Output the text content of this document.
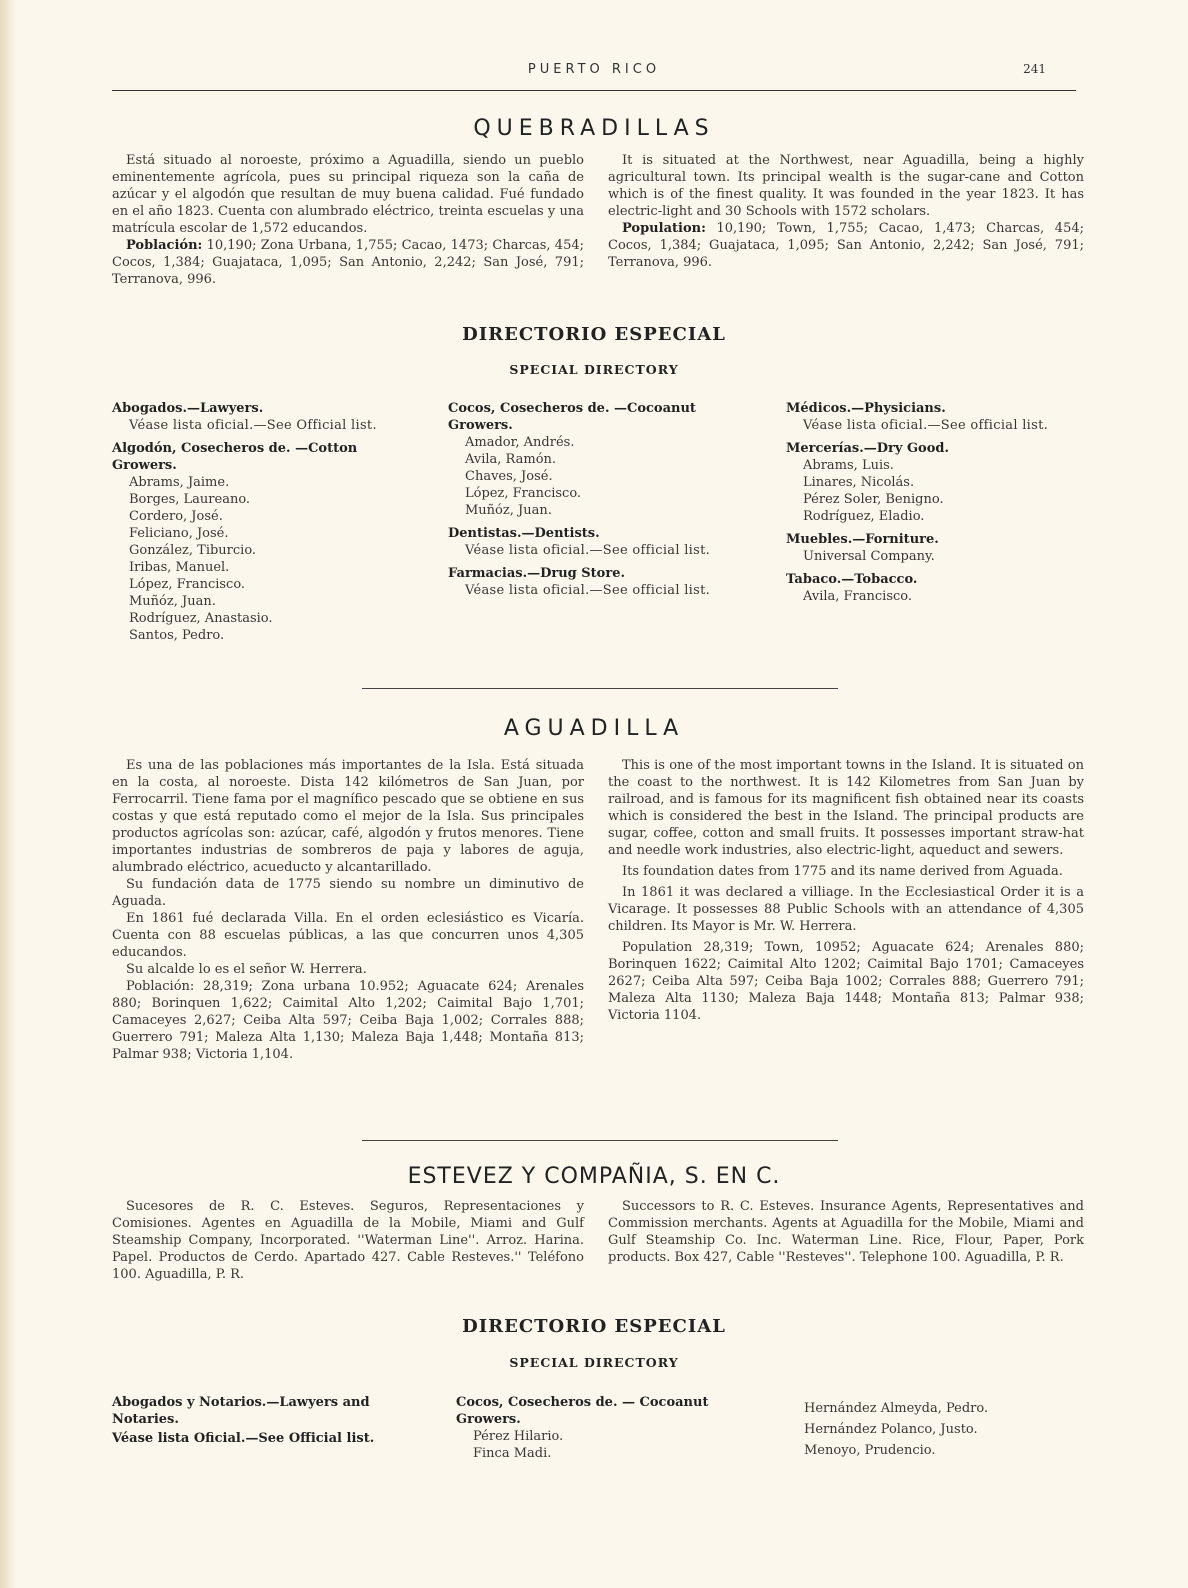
PUERTO RICO	241
QUEBRADILLAS

Está situado al noroeste, próximo a Aguadilla, siendo un pueblo eminentemente agrícola, pues su principal riqueza son la caña de azúcar y el algodón que resultan de muy buena calidad. Fué fundado en el año 1823. Cuenta con alumbrado eléctrico, treinta escuelas y una matrícula escolar de 1,572 educandos.

Población: 10,190; Zona Urbana, 1,755; Cacao, 1473; Charcas, 454; Cocos, 1,384; Guajataca, 1,095; San Antonio, 2,242; San José, 791; Terranova, 996.

It is situated at the Northwest, near Aguadilla, being a highly agricultural town. Its principal wealth is the sugar-cane and Cotton which is of the finest quality. It was founded in the year 1823. It has electric-light and 30 Schools with 1572 scholars.

Population: 10,190; Town, 1,755; Cacao, 1,473; Charcas, 454; Cocos, 1,384; Guajataca, 1,095; San Antonio, 2,242; San José, 791; Terranova, 996.

DIRECTORIO ESPECIAL
SPECIAL DIRECTORY
Abogados.—Lawyers.
Véase lista oficial.—See Official list.
Algodón, Cosecheros de. —Cotton Growers.
Abrams, Jaime.
Borges, Laureano.
Cordero, José.
Feliciano, José.
González, Tiburcio.
Iribas, Manuel.
López, Francisco.
Muñóz, Juan.
Rodríguez, Anastasio.
Santos, Pedro.
Cocos, Cosecheros de. —Cocoanut Growers.
Amador, Andrés.
Avila, Ramón.
Chaves, José.
López, Francisco.
Muñóz, Juan.
Dentistas.—Dentists.
Véase lista oficial.—See official list.
Farmacias.—Drug Store.
Véase lista oficial.—See official list.
Médicos.—Physicians.
Véase lista oficial.—See official list.
Mercerías.—Dry Good.
Abrams, Luis.
Linares, Nicolás.
Pérez Soler, Benigno.
Rodríguez, Eladio.
Muebles.—Forniture.
Universal Company.
Tabaco.—Tobacco.
Avila, Francisco.
AGUADILLA

Es una de las poblaciones más importantes de la Isla. Está situada en la costa, al noroeste. Dista 142 kilómetros de San Juan, por Ferrocarril. Tiene fama por el magnífico pescado que se obtiene en sus costas y que está reputado como el mejor de la Isla. Sus principales productos agrícolas son: azúcar, café, algodón y frutos menores. Tiene importantes industrias de sombreros de paja y labores de aguja, alumbrado eléctrico, acueducto y alcantarillado.

Su fundación data de 1775 siendo su nombre un diminutivo de Aguada.

En 1861 fué declarada Villa. En el orden eclesiástico es Vicaría. Cuenta con 88 escuelas públicas, a las que concurren unos 4,305 educandos.

Su alcalde lo es el señor W. Herrera.

Población: 28,319; Zona urbana 10.952; Aguacate 624; Arenales 880; Borinquen 1,622; Caimital Alto 1,202; Caimital Bajo 1,701; Camaceyes 2,627; Ceiba Alta 597; Ceiba Baja 1,002; Corrales 888; Guerrero 791; Maleza Alta 1,130; Maleza Baja 1,448; Montaña 813; Palmar 938; Victoria 1,104.

This is one of the most important towns in the Island. It is situated on the coast to the northwest. It is 142 Kilometres from San Juan by railroad, and is famous for its magnificent fish obtained near its coasts which is considered the best in the Island. The principal products are sugar, coffee, cotton and small fruits. It possesses important straw-hat and needle work industries, also electric-light, aqueduct and sewers.

Its foundation dates from 1775 and its name derived from Aguada.

In 1861 it was declared a villiage. In the Ecclesiastical Order it is a Vicarage. It possesses 88 Public Schools with an attendance of 4,305 children. Its Mayor is Mr. W. Herrera.

Population 28,319; Town, 10952; Aguacate 624; Arenales 880; Borinquen 1622; Caimital Alto 1202; Caimital Bajo 1701; Camaceyes 2627; Ceiba Alta 597; Ceiba Baja 1002; Corrales 888; Guerrero 791; Maleza Alta 1130; Maleza Baja 1448; Montaña 813; Palmar 938; Victoria 1104.

ESTEVEZ Y COMPAÑIA, S. EN C.

Sucesores de R. C. Esteves. Seguros, Representaciones y Comisiones. Agentes en Aguadilla de la Mobile, Miami and Gulf Steamship Company, Incorporated. ''Waterman Line''. Arroz. Harina. Papel. Productos de Cerdo. Apartado 427. Cable Resteves.'' Teléfono 100. Aguadilla, P. R.

Successors to R. C. Esteves. Insurance Agents, Representatives and Commission merchants. Agents at Aguadilla for the Mobile, Miami and Gulf Steamship Co. Inc. Waterman Line. Rice, Flour, Paper, Pork products. Box 427, Cable ''Resteves''. Telephone 100. Aguadilla, P. R.

DIRECTORIO ESPECIAL
SPECIAL DIRECTORY
Abogados y Notarios.—Lawyers and Notaries.
Véase lista Oficial.—See Official list.
Cocos, Cosecheros de. — Cocoanut Growers.
Pérez Hilario.
Finca Madi.
Hernández Almeyda, Pedro.
Hernández Polanco, Justo.
Menoyo, Prudencio.
